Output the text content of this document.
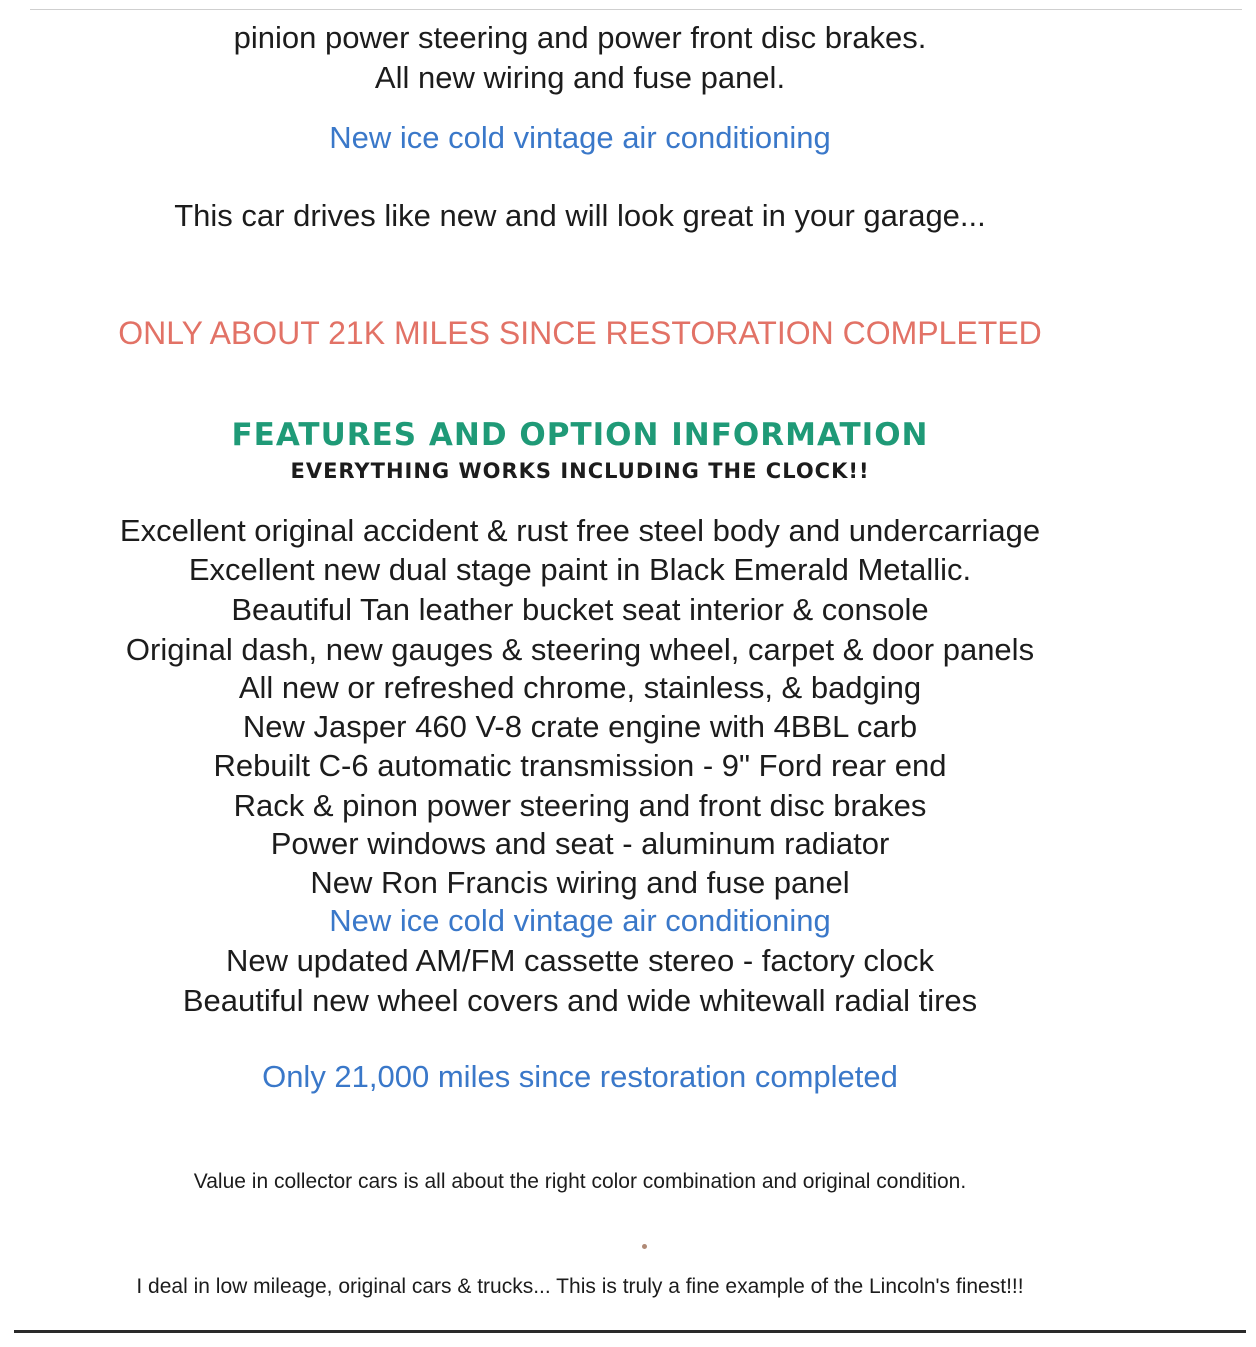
pinion power steering and power front disc brakes.
All new wiring and fuse panel.
New ice cold vintage air conditioning
This car drives like new and will look great in your garage...
ONLY ABOUT 21K MILES SINCE RESTORATION COMPLETED
FEATURES AND OPTION INFORMATION
EVERYTHING WORKS INCLUDING THE CLOCK!!
Excellent original accident & rust free steel body and undercarriage
Excellent new dual stage paint in Black Emerald Metallic.
Beautiful Tan leather bucket seat interior & console
Original dash, new gauges & steering wheel, carpet & door panels
All new or refreshed chrome, stainless, & badging
New Jasper 460 V-8 crate engine with 4BBL carb
Rebuilt C-6 automatic transmission - 9" Ford rear end
Rack & pinon power steering and front disc brakes
Power windows and seat - aluminum radiator
New Ron Francis wiring and fuse panel
New ice cold vintage air conditioning
New updated AM/FM cassette stereo - factory clock
Beautiful new wheel covers and wide whitewall radial tires
Only 21,000 miles since restoration completed
Value in collector cars is all about the right color combination and original condition.
I deal in low mileage, original cars & trucks... This is truly a fine example of the Lincoln's finest!!!
